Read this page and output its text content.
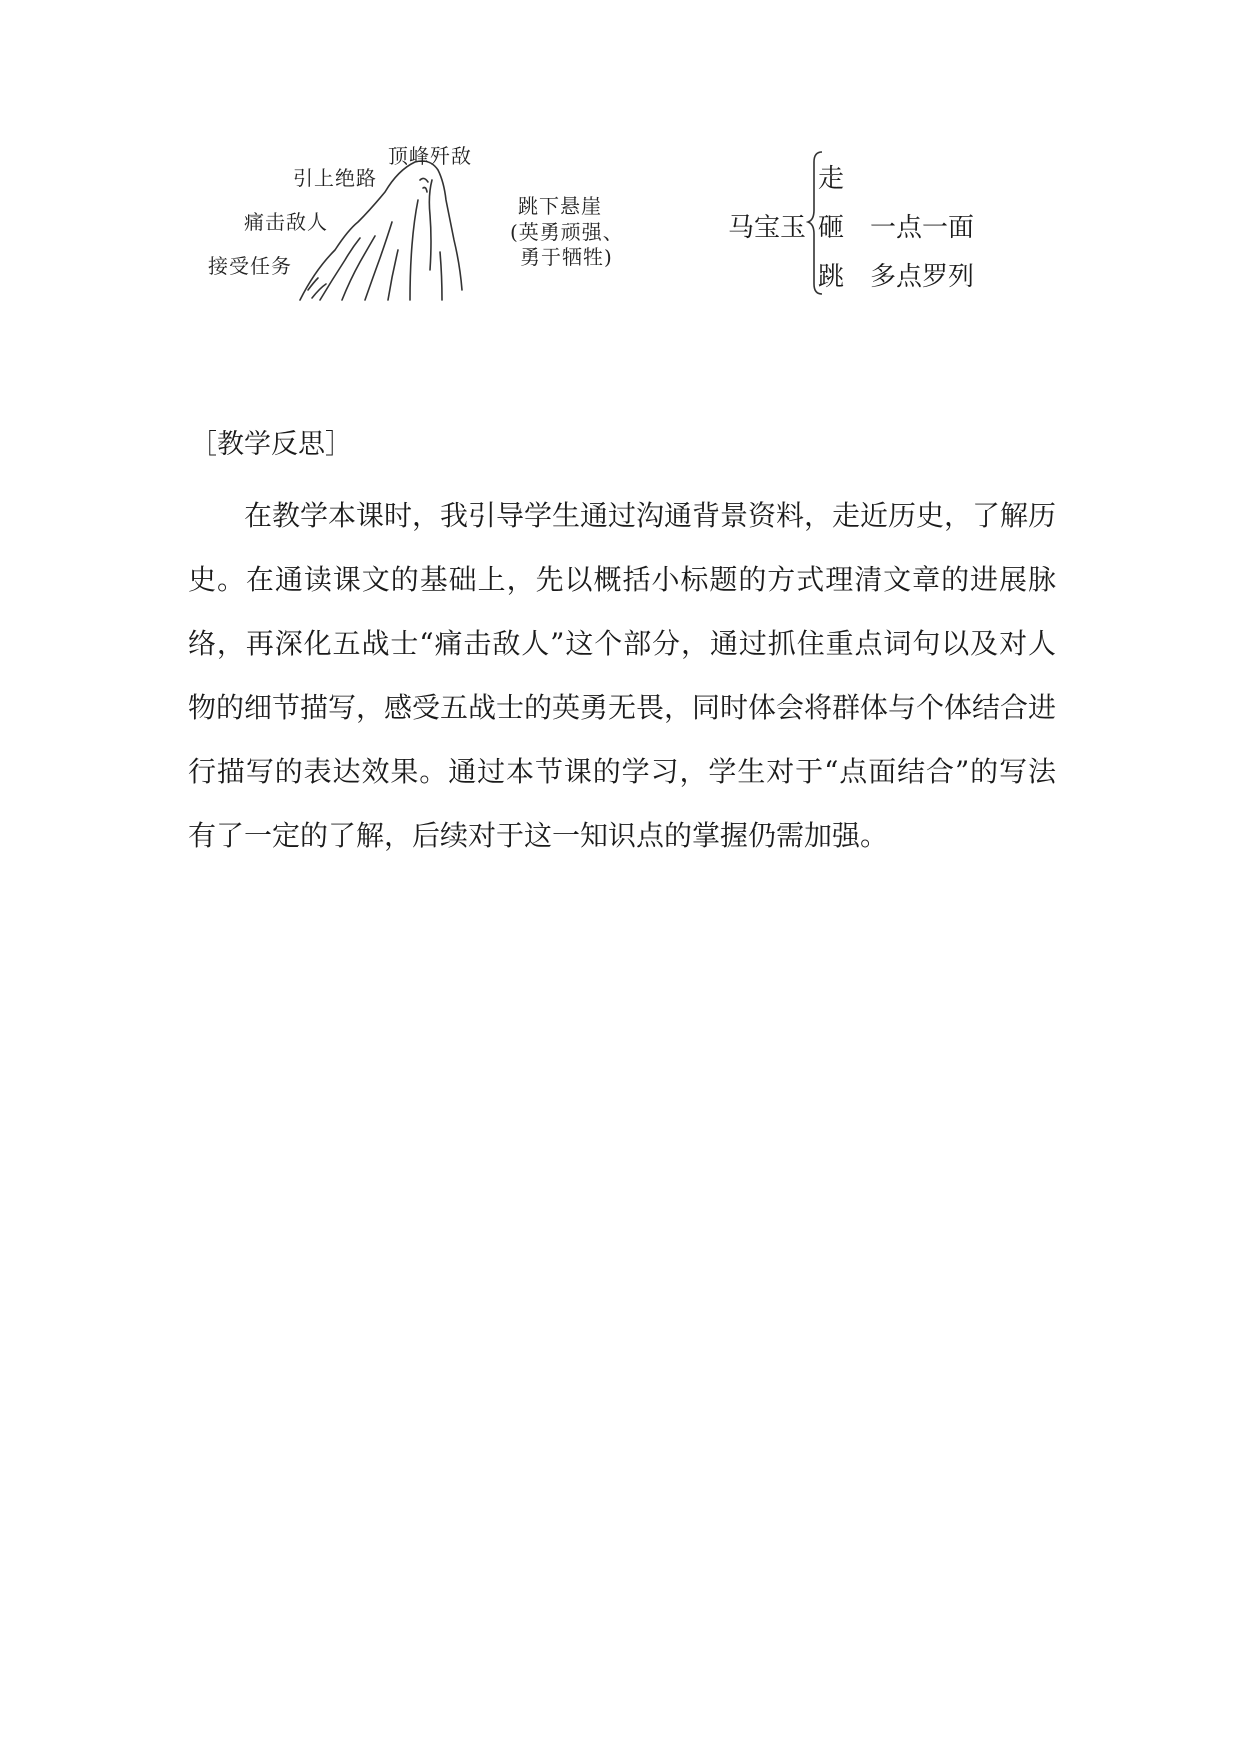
顶峰歼敌
引上绝路
痛击敌人
接受任务
跳下悬崖
(英勇顽强、
勇于牺牲)
马宝玉
走
砸
跳
一点一面
多点罗列
［教学反思］

在教学本课时，我引导学生通过沟通背景资料，走近历史，了解历史。在通读课文的基础上，先以概括小标题的方式理清文章的进展脉络，再深化五战士“痛击敌人”这个部分，通过抓住重点词句以及对人物的细节描写，感受五战士的英勇无畏，同时体会将群体与个体结合进行描写的表达效果。通过本节课的学习，学生对于“点面结合”的写法有了一定的了解，后续对于这一知识点的掌握仍需加强。
